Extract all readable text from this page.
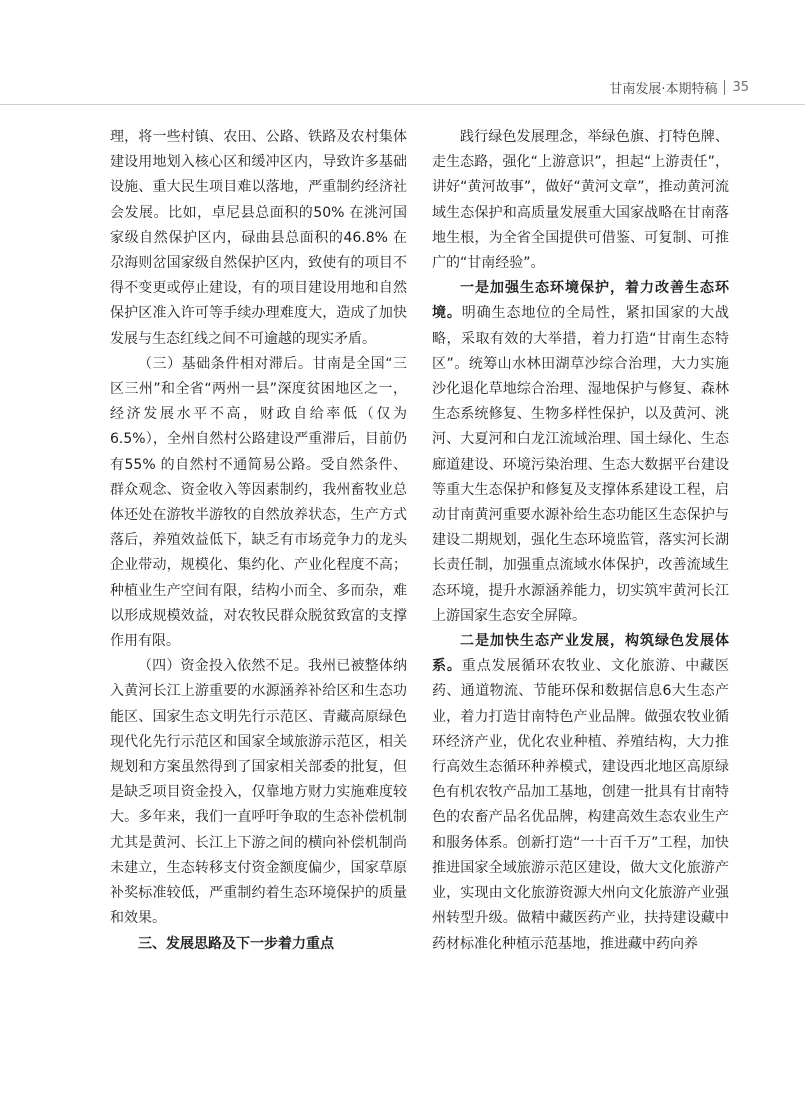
甘南发展·本期特稿 35

理，将一些村镇、农田、公路、铁路及农村集体建设用地划入核心区和缓冲区内，导致许多基础设施、重大民生项目难以落地，严重制约经济社会发展。比如，卓尼县总面积的50% 在洮河国家级自然保护区内，碌曲县总面积的46.8% 在尕海则岔国家级自然保护区内，致使有的项目不得不变更或停止建设，有的项目建设用地和自然保护区准入许可等手续办理难度大，造成了加快发展与生态红线之间不可逾越的现实矛盾。

（三）基础条件相对滞后。甘南是全国“三区三州”和全省“两州一县”深度贫困地区之一，经济发展水平不高，财政自给率低（仅为6.5%），全州自然村公路建设严重滞后，目前仍有55% 的自然村不通简易公路。受自然条件、群众观念、资金收入等因素制约，我州畜牧业总体还处在游牧半游牧的自然放养状态，生产方式落后，养殖效益低下，缺乏有市场竞争力的龙头企业带动，规模化、集约化、产业化程度不高；种植业生产空间有限，结构小而全、多而杂，难以形成规模效益，对农牧民群众脱贫致富的支撑作用有限。

（四）资金投入依然不足。我州已被整体纳入黄河长江上游重要的水源涵养补给区和生态功能区、国家生态文明先行示范区、青藏高原绿色现代化先行示范区和国家全域旅游示范区，相关规划和方案虽然得到了国家相关部委的批复，但是缺乏项目资金投入，仅靠地方财力实施难度较大。多年来，我们一直呼吁争取的生态补偿机制尤其是黄河、长江上下游之间的横向补偿机制尚未建立，生态转移支付资金额度偏少，国家草原补奖标准较低，严重制约着生态环境保护的质量和效果。

三、发展思路及下一步着力重点

践行绿色发展理念，举绿色旗、打特色牌、走生态路，强化“上游意识”，担起“上游责任”，讲好“黄河故事”，做好“黄河文章”，推动黄河流域生态保护和高质量发展重大国家战略在甘南落地生根，为全省全国提供可借鉴、可复制、可推广的“甘南经验”。

一是加强生态环境保护，着力改善生态环境。明确生态地位的全局性，紧扣国家的大战略，采取有效的大举措，着力打造“甘南生态特区”。统筹山水林田湖草沙综合治理，大力实施沙化退化草地综合治理、湿地保护与修复、森林生态系统修复、生物多样性保护，以及黄河、洮河、大夏河和白龙江流域治理、国土绿化、生态廊道建设、环境污染治理、生态大数据平台建设等重大生态保护和修复及支撑体系建设工程，启动甘南黄河重要水源补给生态功能区生态保护与建设二期规划，强化生态环境监管，落实河长湖长责任制，加强重点流域水体保护，改善流域生态环境，提升水源涵养能力，切实筑牢黄河长江上游国家生态安全屏障。

二是加快生态产业发展，构筑绿色发展体系。重点发展循环农牧业、文化旅游、中藏医药、通道物流、节能环保和数据信息6大生态产业，着力打造甘南特色产业品牌。做强农牧业循环经济产业，优化农业种植、养殖结构，大力推行高效生态循环种养模式，建设西北地区高原绿色有机农牧产品加工基地，创建一批具有甘南特色的农畜产品名优品牌，构建高效生态农业生产和服务体系。创新打造“一十百千万”工程，加快推进国家全域旅游示范区建设，做大文化旅游产业，实现由文化旅游资源大州向文化旅游产业强州转型升级。做精中藏医药产业，扶持建设藏中药材标准化种植示范基地，推进藏中药向养
